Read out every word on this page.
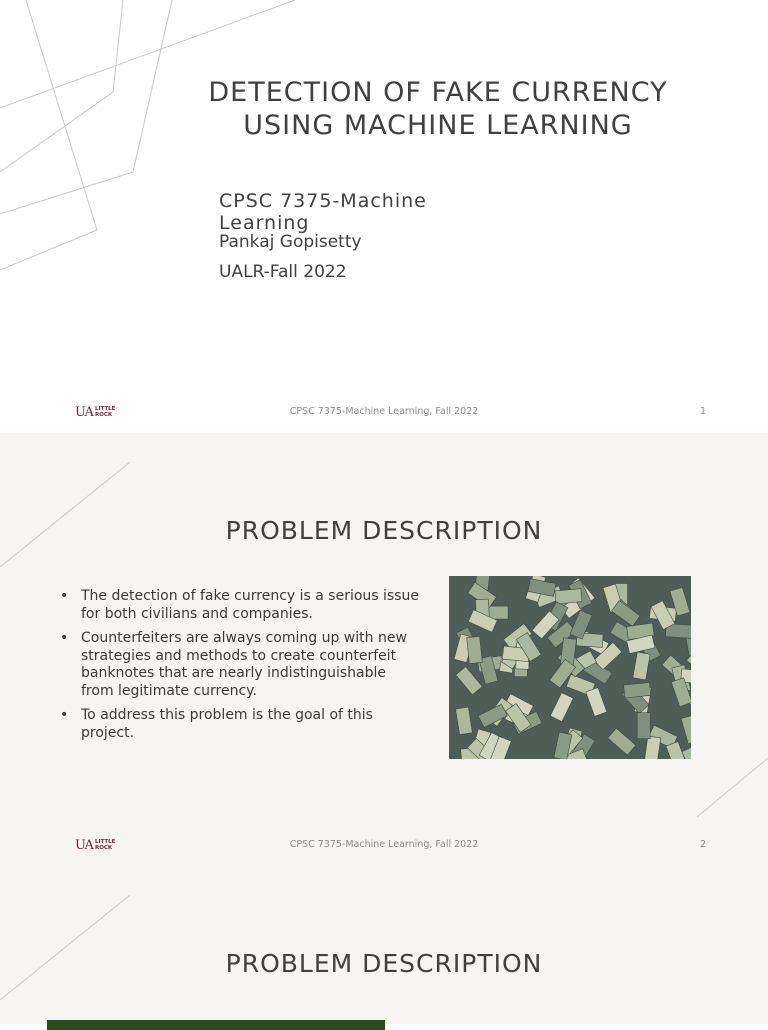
DETECTION OF FAKE CURRENCY
USING MACHINE LEARNING
CPSC 7375-Machine Learning
Pankaj Gopisetty
UALR-Fall 2022
UA LITTLE
ROCK	CPSC 7375-Machine Learning, Fall 2022	1
UA LITTLE
ROCK	CPSC 7375-Machine Learning, Fall 2022	2
PROBLEM DESCRIPTION
• The detection of fake currency is a serious issue for both civilians and companies.
• Counterfeiters are always coming up with new strategies and methods to create counterfeit banknotes that are nearly indistinguishable from legitimate currency.
• To address this problem is the goal of this project.
PROBLEM DESCRIPTION
